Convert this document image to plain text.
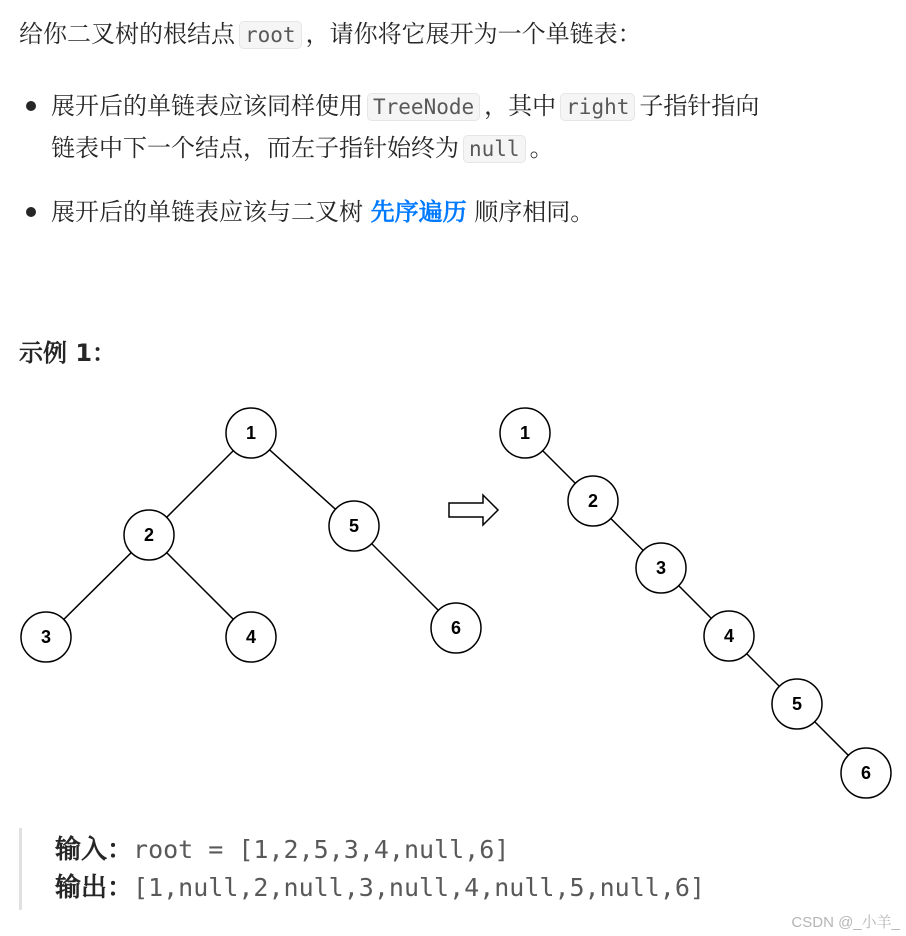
给你二叉树的根结点 root ，请你将它展开为一个单链表：
展开后的单链表应该同样使用 TreeNode ，其中 right 子指针指向
链表中下一个结点，而左子指针始终为 null 。
展开后的单链表应该与二叉树 先序遍历 顺序相同。
示例 1：
1
2	5
3	4	6
1
2
3
4
5
6
输入：root = [1,2,5,3,4,null,6]
输出：[1,null,2,null,3,null,4,null,5,null,6]
CSDN @_小羊_
